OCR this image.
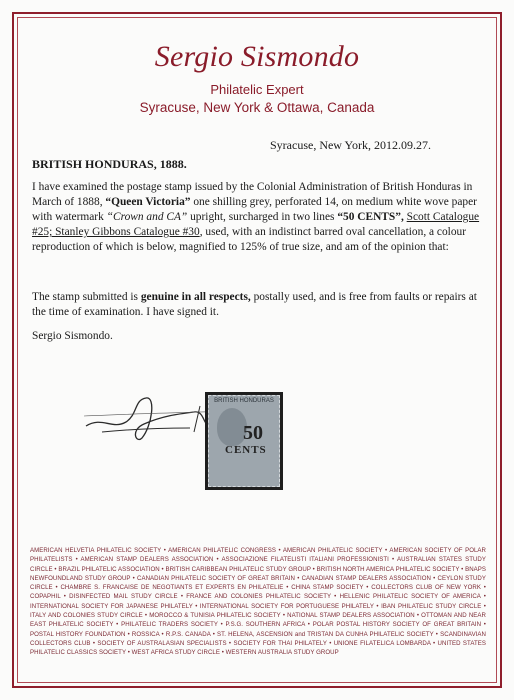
Sergio Sismondo
Philatelic Expert
Syracuse, New York & Ottawa, Canada
Syracuse, New York, 2012.09.27.
BRITISH HONDURAS, 1888.
I have examined the postage stamp issued by the Colonial Administration of British Honduras in March of 1888, “Queen Victoria” one shilling grey, perforated 14, on medium white wove paper with watermark “Crown and CA” upright, surcharged in two lines “50 CENTS”, Scott Catalogue #25; Stanley Gibbons Catalogue #30, used, with an indistinct barred oval cancellation, a colour reproduction of which is below, magnified to 125% of true size, and am of the opinion that:
The stamp submitted is genuine in all respects, postally used, and is free from faults or repairs at the time of examination. I have signed it.
Sergio Sismondo.
BRITISH HONDURAS
50
CENTS
AMERICAN HELVETIA PHILATELIC SOCIETY • AMERICAN PHILATELIC CONGRESS • AMERICAN PHILATELIC SOCIETY • AMERICAN SOCIETY OF POLAR PHILATELISTS • AMERICAN STAMP DEALERS ASSOCIATION • ASSOCIAZIONE FILATELISTI ITALIANI PROFESSIONISTI • AUSTRALIAN STATES STUDY CIRCLE • BRAZIL PHILATELIC ASSOCIATION • BRITISH CARIBBEAN PHILATELIC STUDY GROUP • BRITISH NORTH AMERICA PHILATELIC SOCIETY • BNAPS NEWFOUNDLAND STUDY GROUP • CANADIAN PHILATELIC SOCIETY OF GREAT BRITAIN • CANADIAN STAMP DEALERS ASSOCIATION • CEYLON STUDY CIRCLE • CHAMBRE S. FRANCAISE DE NEGOTIANTS ET EXPERTS EN PHILATELIE • CHINA STAMP SOCIETY • COLLECTORS CLUB OF NEW YORK • COPAPHIL • DISINFECTED MAIL STUDY CIRCLE • FRANCE AND COLONIES PHILATELIC SOCIETY • HELLENIC PHILATELIC SOCIETY OF AMERICA • INTERNATIONAL SOCIETY FOR JAPANESE PHILATELY • INTERNATIONAL SOCIETY FOR PORTUGUESE PHILATELY • IBAN PHILATELIC STUDY CIRCLE • ITALY AND COLONIES STUDY CIRCLE • MOROCCO & TUNISIA PHILATELIC SOCIETY • NATIONAL STAMP DEALERS ASSOCIATION • OTTOMAN AND NEAR EAST PHILATELIC SOCIETY • PHILATELIC TRADERS SOCIETY • P.S.G. SOUTHERN AFRICA • POLAR POSTAL HISTORY SOCIETY OF GREAT BRITAIN • POSTAL HISTORY FOUNDATION • ROSSICA • R.P.S. CANADA • ST. HELENA, ASCENSION and TRISTAN DA CUNHA PHILATELIC SOCIETY • SCANDINAVIAN COLLECTORS CLUB • SOCIETY OF AUSTRALASIAN SPECIALISTS • SOCIETY FOR THAI PHILATELY • UNIONE FILATELICA LOMBARDA • UNITED STATES PHILATELIC CLASSICS SOCIETY • WEST AFRICA STUDY CIRCLE • WESTERN AUSTRALIA STUDY GROUP
